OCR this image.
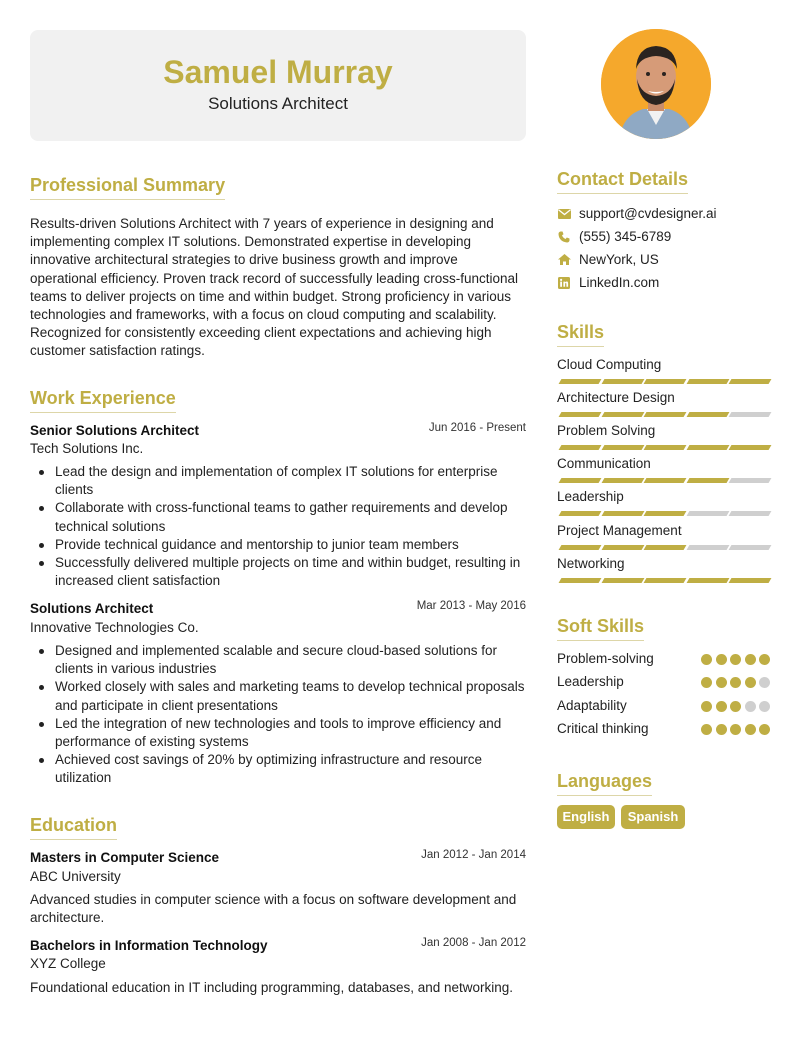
Samuel Murray
Solutions Architect
Professional Summary
Results-driven Solutions Architect with 7 years of experience in designing and implementing complex IT solutions. Demonstrated expertise in developing innovative architectural strategies to drive business growth and improve operational efficiency. Proven track record of successfully leading cross-functional teams to deliver projects on time and within budget. Strong proficiency in various technologies and frameworks, with a focus on cloud computing and scalability. Recognized for consistently exceeding client expectations and achieving high customer satisfaction ratings.
Work Experience
Senior Solutions Architect	Jun 2016 - Present
Tech Solutions Inc.
Lead the design and implementation of complex IT solutions for enterprise clients
Collaborate with cross-functional teams to gather requirements and develop technical solutions
Provide technical guidance and mentorship to junior team members
Successfully delivered multiple projects on time and within budget, resulting in increased client satisfaction
Solutions Architect	Mar 2013 - May 2016
Innovative Technologies Co.
Designed and implemented scalable and secure cloud-based solutions for clients in various industries
Worked closely with sales and marketing teams to develop technical proposals and participate in client presentations
Led the integration of new technologies and tools to improve efficiency and performance of existing systems
Achieved cost savings of 20% by optimizing infrastructure and resource utilization
Education
Masters in Computer Science	Jan 2012 - Jan 2014
ABC University
Advanced studies in computer science with a focus on software development and architecture.
Bachelors in Information Technology	Jan 2008 - Jan 2012
XYZ College
Foundational education in IT including programming, databases, and networking.
Contact Details
support@cvdesigner.ai
(555) 345-6789
NewYork, US
LinkedIn.com
Skills
Cloud Computing
Architecture Design
Problem Solving
Communication
Leadership
Project Management
Networking
Soft Skills
Problem-solving
Leadership
Adaptability
Critical thinking
Languages
English	Spanish
